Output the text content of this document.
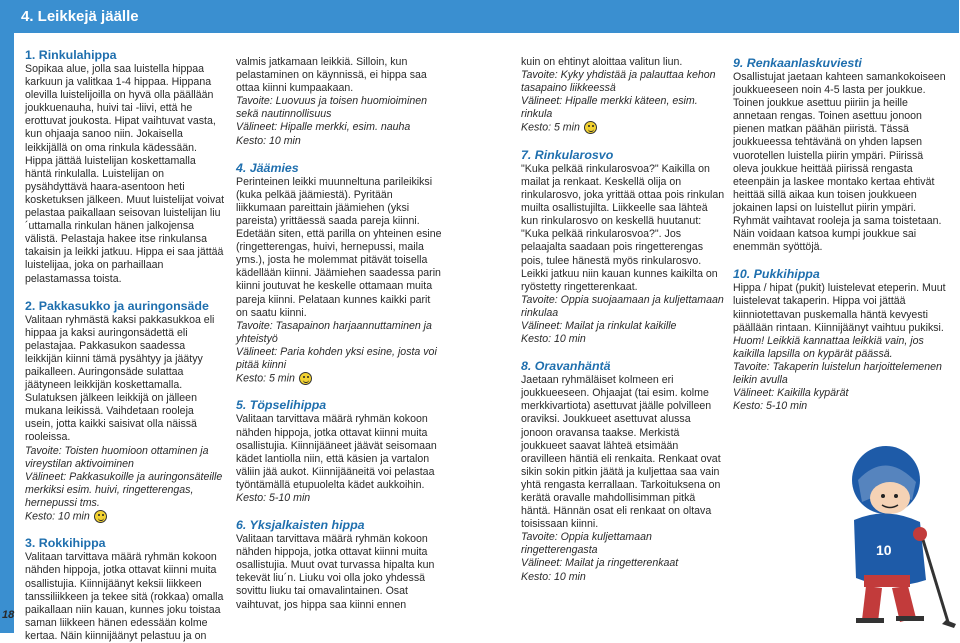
4. Leikkejä jäälle
18
1. Rinkulahippa

Sopikaa alue, jolla saa luistella hippaa karkuun ja valitkaa 1-4 hippaa. Hippana olevilla luistelijoilla on hyvä olla päällään joukkuenauha, huivi tai -liivi, että he erottuvat joukosta. Hipat vaihtuvat vasta, kun ohjaaja sanoo niin. Jokaisella leikkijällä on oma rinkula kädessään. Hippa jättää luistelijan koskettamalla häntä rinkulalla. Luistelijan on pysähdyttävä haara-asentoon heti kosketuksen jälkeen. Muut luistelijat voivat pelastaa paikallaan seisovan luistelijan liu´uttamalla rinkulan hänen jalkojensa välistä. Pelastaja hakee itse rinkulansa takaisin ja leikki jatkuu. Hippa ei saa jättää luistelijaa, joka on parhaillaan pelastamassa toista.

2. Pakkasukko ja auringonsäde

Valitaan ryhmästä kaksi pakkasukkoa eli hippaa ja kaksi auringonsädettä eli pelastajaa. Pakkasukon saadessa leikkijän kiinni tämä pysähtyy ja jäätyy paikalleen. Auringonsäde sulattaa jäätyneen leikkijän koskettamalla. Sulatuksen jälkeen leikkijä on jälleen mukana leikissä. Vaihdetaan rooleja usein, jotta kaikki saisivat olla näissä rooleissa.

Tavoite: Toisten huomioon ottaminen ja vireystilan aktivoiminen

Välineet: Pakkasukoille ja auringonsäteille merkiksi esim. huivi, ringetterengas, hernepussi tms.

Kesto: 10 min

3. Rokkihippa

Valitaan tarvittava määrä ryhmän kokoon nähden hippoja, jotka ottavat kiinni muita osallistujia. Kiinnijäänyt keksii liikkeen tanssiliikkeen ja tekee sitä (rokkaa) omalla paikallaan niin kauan, kunnes joku toistaa saman liikkeen hänen edessään kolme kertaa. Näin kiinnijäänyt pelastuu ja on

valmis jatkamaan leikkiä. Silloin, kun pelastaminen on käynnissä, ei hippa saa ottaa kiinni kumpaakaan.

Tavoite: Luovuus ja toisen huomioiminen sekä nautinnollisuus

Välineet: Hipalle merkki, esim. nauha

Kesto: 10 min

4. Jäämies

Perinteinen leikki muunneltuna parileikiksi (kuka pelkää jäämiestä). Pyritään liikkumaan pareittain jäämiehen (yksi pareista) yrittäessä saada pareja kiinni. Edetään siten, että parilla on yhteinen esine (ringetterengas, huivi, hernepussi, maila yms.), josta he molemmat pitävät toisella kädellään kiinni. Jäämiehen saadessa parin kiinni joutuvat he keskelle ottamaan muita pareja kiinni. Pelataan kunnes kaikki parit on saatu kiinni.

Tavoite: Tasapainon harjaannuttaminen ja yhteistyö

Välineet: Paria kohden yksi esine, josta voi pitää kiinni

Kesto: 5 min

5. Töpselihippa

Valitaan tarvittava määrä ryhmän kokoon nähden hippoja, jotka ottavat kiinni muita osallistujia. Kiinnijääneet jäävät seisomaan kädet lantiolla niin, että käsien ja vartalon väliin jää aukot. Kiinnijääneitä voi pelastaa työntämällä etupuolelta kädet aukkoihin.

Kesto: 5-10 min

6. Yksjalkaisten hippa

Valitaan tarvittava määrä ryhmän kokoon nähden hippoja, jotka ottavat kiinni muita osallistujia. Muut ovat turvassa hipalta kun tekevät liu´n. Liuku voi olla joko yhdessä sovittu liuku tai omavalintainen. Osat vaihtuvat, jos hippa saa kiinni ennen

kuin on ehtinyt aloittaa valitun liun.

Tavoite: Kyky yhdistää ja palauttaa kehon tasapaino liikkeessä

Välineet: Hipalle merkki käteen, esim. rinkula

Kesto: 5 min

7. Rinkularosvo

"Kuka pelkää rinkularosvoa?" Kaikilla on mailat ja renkaat. Keskellä olija on rinkularosvo, joka yrittää ottaa pois rinkulan muilta osallistujilta. Liikkeelle saa lähteä kun rinkularosvo on keskellä huutanut: "Kuka pelkää rinkularosvoa?". Jos pelaajalta saadaan pois ringetterengas pois, tulee hänestä myös rinkularosvo. Leikki jatkuu niin kauan kunnes kaikilta on ryöstetty ringetterenkaat.

Tavoite: Oppia suojaamaan ja kuljettamaan rinkulaa

Välineet: Mailat ja rinkulat kaikille

Kesto: 10 min

8. Oravanhäntä

Jaetaan ryhmäläiset kolmeen eri joukkueeseen. Ohjaajat (tai esim. kolme merkkivartiota) asettuvat jäälle polvilleen oraviksi. Joukkueet asettuvat alussa jonoon oravansa taakse. Merkistä joukkueet saavat lähteä etsimään oravilleen häntiä eli renkaita. Renkaat ovat sikin sokin pitkin jäätä ja kuljettaa saa vain yhtä rengasta kerrallaan. Tarkoituksena on kerätä oravalle mahdollisimman pitkä häntä. Hännän osat eli renkaat on oltava toisissaan kiinni.

Tavoite: Oppia kuljettamaan ringetterengasta

Välineet: Mailat ja ringetterenkaat

Kesto: 10 min

9. Renkaanlaskuviesti

Osallistujat jaetaan kahteen samankokoiseen joukkueeseen noin 4-5 lasta per joukkue. Toinen joukkue asettuu piiriin ja heille annetaan rengas. Toinen asettuu jonoon pienen matkan päähän piiristä. Tässä joukkueessa tehtävänä on yhden lapsen vuorotellen luistella piirin ympäri. Piirissä oleva joukkue heittää piirissä rengasta eteenpäin ja laskee montako kertaa ehtivät heittää sillä aikaa kun toisen joukkueen jokainen lapsi on luistellut piirin ympäri. Ryhmät vaihtavat rooleja ja sama toistetaan. Näin voidaan katsoa kumpi joukkue sai enemmän syöttöjä.

10. Pukkihippa

Hippa / hipat (pukit) luistelevat eteperin. Muut luistelevat takaperin. Hippa voi jättää kiinniotettavan puskemalla häntä kevyesti päällään rintaan. Kiinnijäänyt vaihtuu pukiksi. Huom! Leikkiä kannattaa leikkiä vain, jos kaikilla lapsilla on kypärät päässä.

Tavoite: Takaperin luistelun harjoittelemenen leikin avulla

Välineet: Kaikilla kypärät

Kesto: 5-10 min

10
